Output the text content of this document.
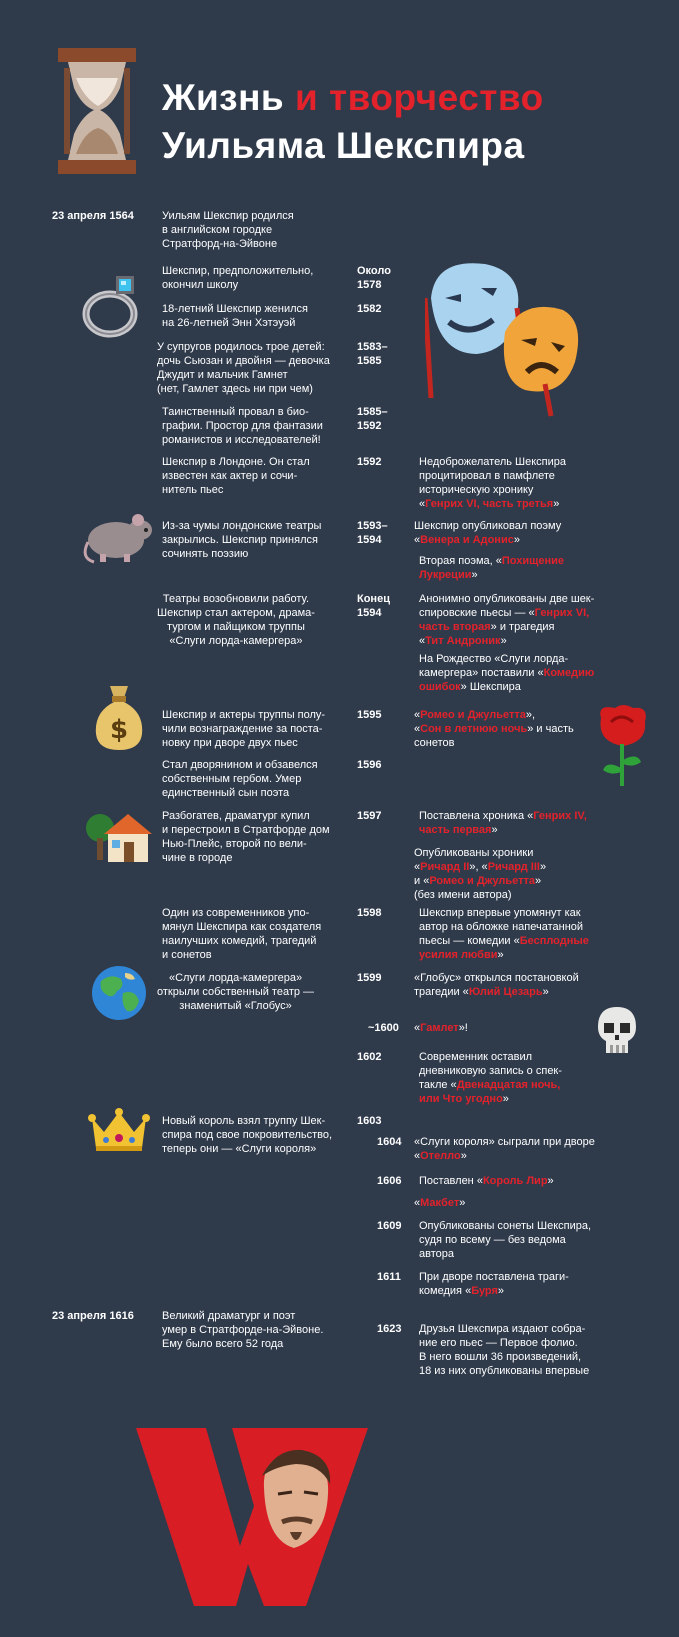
Жизнь и творчество
Уильяма Шекспира
23 апреля 1564	Уильям Шекспир родился
в английском городке
Стратфорд-на-Эйвоне
Шекспир, предположительно,
окончил школу
18-летний Шекспир женился
на 26-летней Энн Хэтэуэй
У супругов родилось трое детей:
дочь Сьюзан и двойня — девочка
Джудит и мальчик Гамнет
(нет, Гамлет здесь ни при чем)
Таинственный провал в био-
графии. Простор для фантазии
романистов и исследователей!
Шекспир в Лондоне. Он стал
известен как актер и сочи-
нитель пьес
Из-за чумы лондонские театры
закрылись. Шекспир принялся
сочинять поэзию
Театры возобновили работу.
Шекспир стал актером, драма-
тургом и пайщиком труппы
«Слуги лорда-камергера»
Шекспир и актеры труппы полу-
чили вознаграждение за поста-
новку при дворе двух пьес
Стал дворянином и обзавелся
собственным гербом. Умер
единственный сын поэта
Разбогатев, драматург купил
и перестроил в Стратфорде дом
Нью-Плейс, второй по вели-
чине в городе
Один из современников упо-
мянул Шекспира как создателя
наилучших комедий, трагедий
и сонетов
«Слуги лорда-камергера»
открыли собственный театр —
знаменитый «Глобус»
Новый король взял труппу Шек-
спира под свое покровительство,
теперь они — «Слуги короля»
23 апреля 1616	Великий драматург и поэт
умер в Стратфорде-на-Эйвоне.
Ему было всего 52 года
Около
1578
1582
1583–
1585
1585–
1592
1592
1593–
1594
Конец
1594
1595
1596
1597
1598
1599
~1600
1602
1603
1604
1606
1609
1611
1623
Недоброжелатель Шекспира
процитировал в памфлете
историческую хронику
«Генрих VI, часть третья»
Шекспир опубликовал поэму
«Венера и Адонис»
Вторая поэма, «Похищение
Лукреции»
Анонимно опубликованы две шек-
спировские пьесы — «Генрих VI,
часть вторая» и трагедия
«Тит Андроник»
На Рождество «Слуги лорда-
камергера» поставили «Комедию
ошибок» Шекспира
«Ромео и Джульетта»,
«Сон в летнюю ночь» и часть
сонетов
Поставлена хроника «Генрих IV,
часть первая»
Опубликованы хроники
«Ричард II», «Ричард III»
и «Ромео и Джульетта»
(без имени автора)
Шекспир впервые упомянут как
автор на обложке напечатанной
пьесы — комедии «Бесплодные
усилия любви»
«Глобус» открылся постановкой
трагедии «Юлий Цезарь»
«Гамлет»!
Современник оставил
дневниковую запись о спек-
такле «Двенадцатая ночь,
или Что угодно»
«Слуги короля» сыграли при дворе
«Отелло»
Поставлен «Король Лир»
«Макбет»
Опубликованы сонеты Шекспира,
судя по всему — без ведома
автора
При дворе поставлена траги-
комедия «Буря»
Друзья Шекспира издают собра-
ние его пьес — Первое фолио.
В него вошли 36 произведений,
18 из них опубликованы впервые
$
